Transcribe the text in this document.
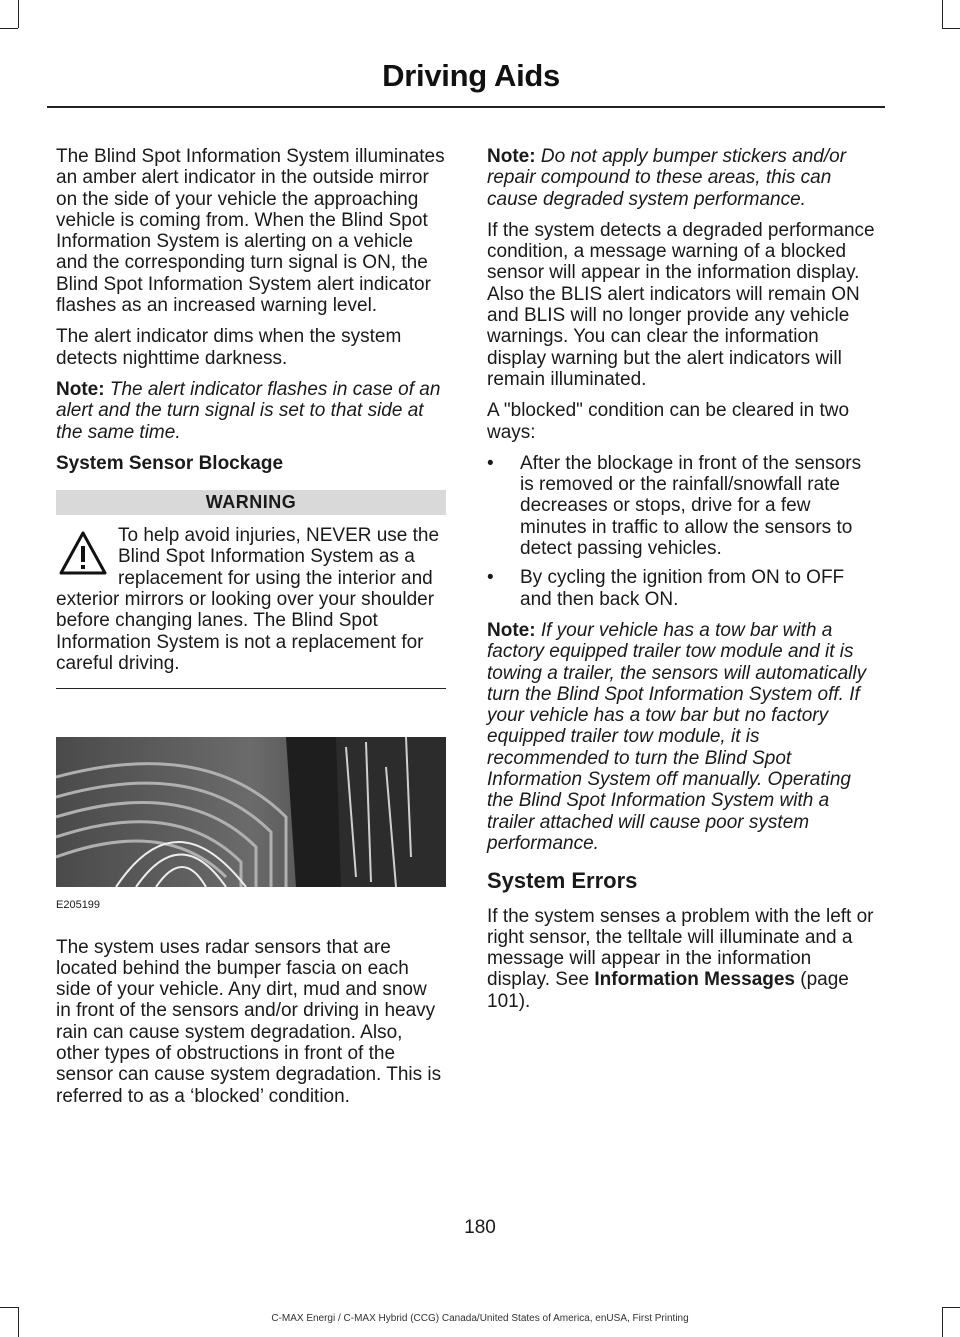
Driving Aids

The Blind Spot Information System illuminates an amber alert indicator in the outside mirror on the side of your vehicle the approaching vehicle is coming from. When the Blind Spot Information System is alerting on a vehicle and the corresponding turn signal is ON, the Blind Spot Information System alert indicator flashes as an increased warning level.

The alert indicator dims when the system detects nighttime darkness.

Note: The alert indicator flashes in case of an alert and the turn signal is set to that side at the same time.

System Sensor Blockage
WARNING
To help avoid injuries, NEVER use the Blind Spot Information System as a replacement for using the interior and exterior mirrors or looking over your shoulder before changing lanes. The Blind Spot Information System is not a replacement for careful driving.
E205199

The system uses radar sensors that are located behind the bumper fascia on each side of your vehicle. Any dirt, mud and snow in front of the sensors and/or driving in heavy rain can cause system degradation. Also, other types of obstructions in front of the sensor can cause system degradation. This is referred to as a ‘blocked’ condition.

Note: Do not apply bumper stickers and/or repair compound to these areas, this can cause degraded system performance.

If the system detects a degraded performance condition, a message warning of a blocked sensor will appear in the information display. Also the BLIS alert indicators will remain ON and BLIS will no longer provide any vehicle warnings. You can clear the information display warning but the alert indicators will remain illuminated.

A "blocked" condition can be cleared in two ways:

• After the blockage in front of the sensors is removed or the rainfall/snowfall rate decreases or stops, drive for a few minutes in traffic to allow the sensors to detect passing vehicles.
• By cycling the ignition from ON to OFF and then back ON.

Note: If your vehicle has a tow bar with a factory equipped trailer tow module and it is towing a trailer, the sensors will automatically turn the Blind Spot Information System off. If your vehicle has a tow bar but no factory equipped trailer tow module, it is recommended to turn the Blind Spot Information System off manually. Operating the Blind Spot Information System with a trailer attached will cause poor system performance.

System Errors

If the system senses a problem with the left or right sensor, the telltale will illuminate and a message will appear in the information display. See Information Messages (page 101).

180
C-MAX Energi / C-MAX Hybrid (CCG) Canada/United States of America, enUSA, First Printing
